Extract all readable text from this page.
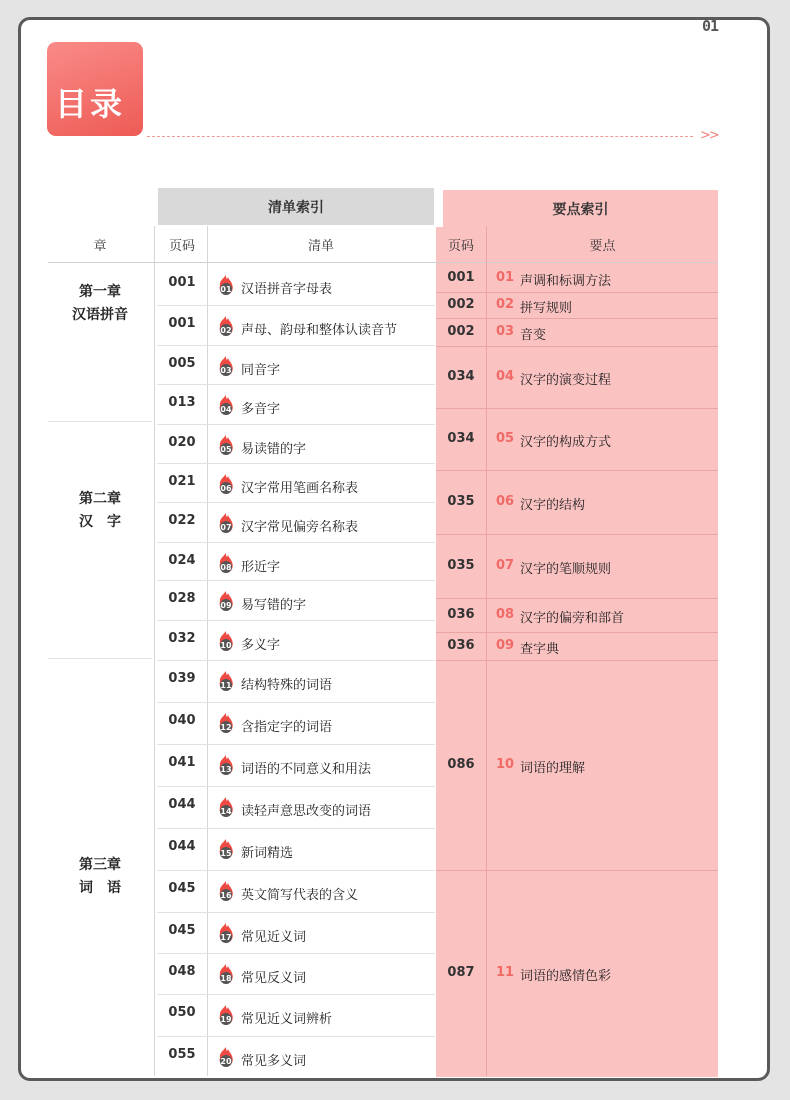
01
目录
>>
清单索引	要点索引
章	页码	清单	页码	要点
第一章
汉语拼音
第二章
汉　字
第三章
词　语
001	01 汉语拼音字母表
001	02 声母、韵母和整体认读音节
005	03 同音字
013	04 多音字
020	05 易读错的字
021	06 汉字常用笔画名称表
022	07 汉字常见偏旁名称表
024	08 形近字
028	09 易写错的字
032	10 多义字
039	11 结构特殊的词语
040	12 含指定字的词语
041	13 词语的不同意义和用法
044	14 读轻声意思改变的词语
044	15 新词精选
045	16 英文简写代表的含义
045	17 常见近义词
048	18 常见反义词
050	19 常见近义词辨析
055	20 常见多义词
001	01 声调和标调方法
002	02 拼写规则
002	03 音变
034	04 汉字的演变过程
034	05 汉字的构成方式
035	06 汉字的结构
035	07 汉字的笔顺规则
036	08 汉字的偏旁和部首
036	09 查字典
086	10 词语的理解
087	11 词语的感情色彩
